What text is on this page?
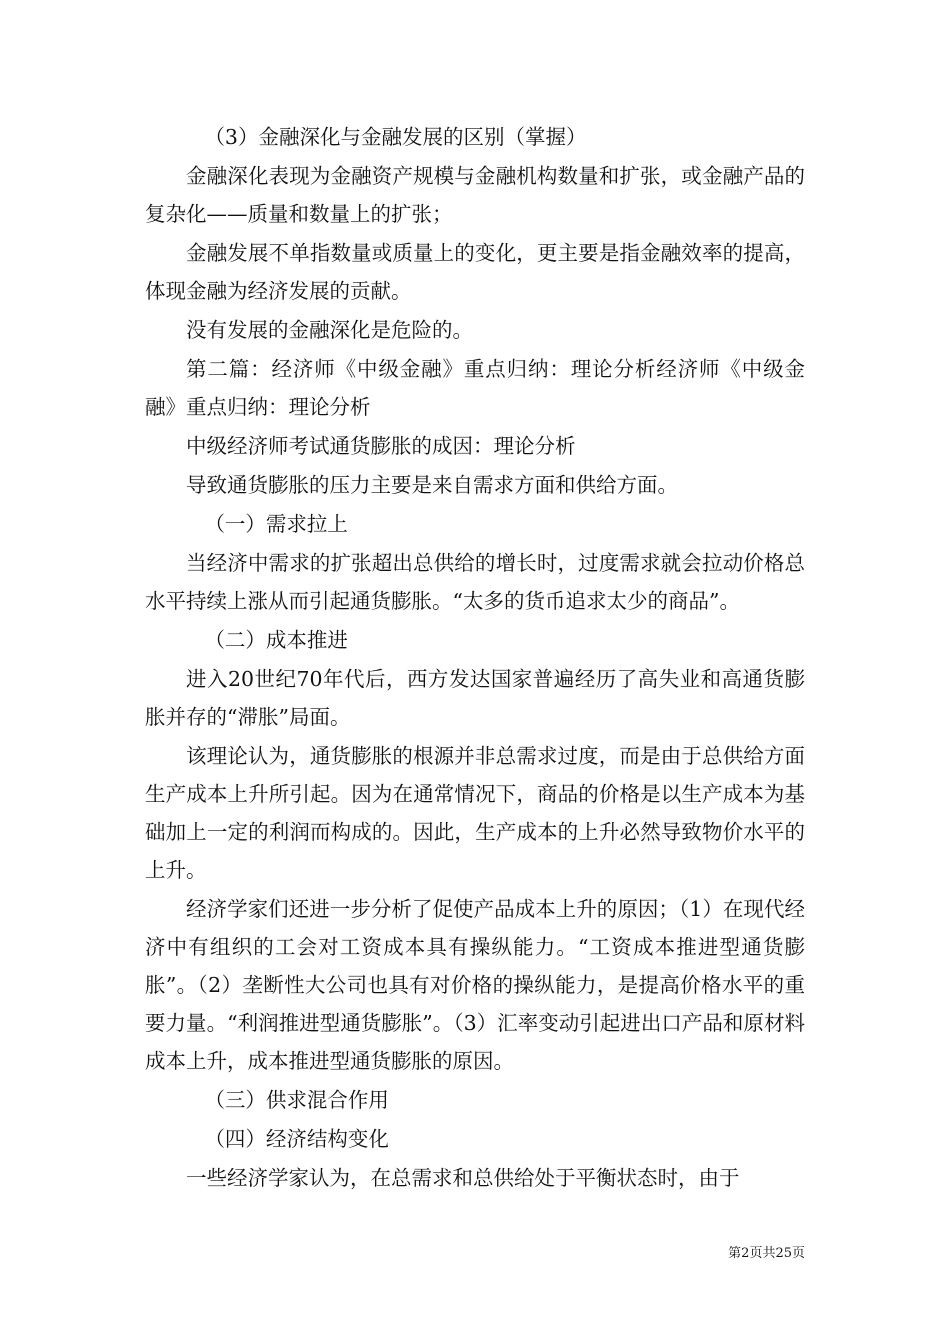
（3）金融深化与金融发展的区别（掌握）

金融深化表现为金融资产规模与金融机构数量和扩张，或金融产品的复杂化——质量和数量上的扩张；

金融发展不单指数量或质量上的变化，更主要是指金融效率的提高，体现金融为经济发展的贡献。

没有发展的金融深化是危险的。

第二篇：经济师《中级金融》重点归纳：理论分析经济师《中级金融》重点归纳：理论分析

中级经济师考试通货膨胀的成因：理论分析

导致通货膨胀的压力主要是来自需求方面和供给方面。

（一）需求拉上

当经济中需求的扩张超出总供给的增长时，过度需求就会拉动价格总水平持续上涨从而引起通货膨胀。“太多的货币追求太少的商品”。

（二）成本推进

进入20世纪70年代后，西方发达国家普遍经历了高失业和高通货膨胀并存的“滞胀”局面。

该理论认为，通货膨胀的根源并非总需求过度，而是由于总供给方面生产成本上升所引起。因为在通常情况下，商品的价格是以生产成本为基础加上一定的利润而构成的。因此，生产成本的上升必然导致物价水平的上升。

经济学家们还进一步分析了促使产品成本上升的原因；（1）在现代经济中有组织的工会对工资成本具有操纵能力。“工资成本推进型通货膨胀”。（2）垄断性大公司也具有对价格的操纵能力，是提高价格水平的重要力量。“利润推进型通货膨胀”。（3）汇率变动引起进出口产品和原材料成本上升，成本推进型通货膨胀的原因。

（三）供求混合作用

（四）经济结构变化

一些经济学家认为，在总需求和总供给处于平衡状态时，由于

第2页共25页
